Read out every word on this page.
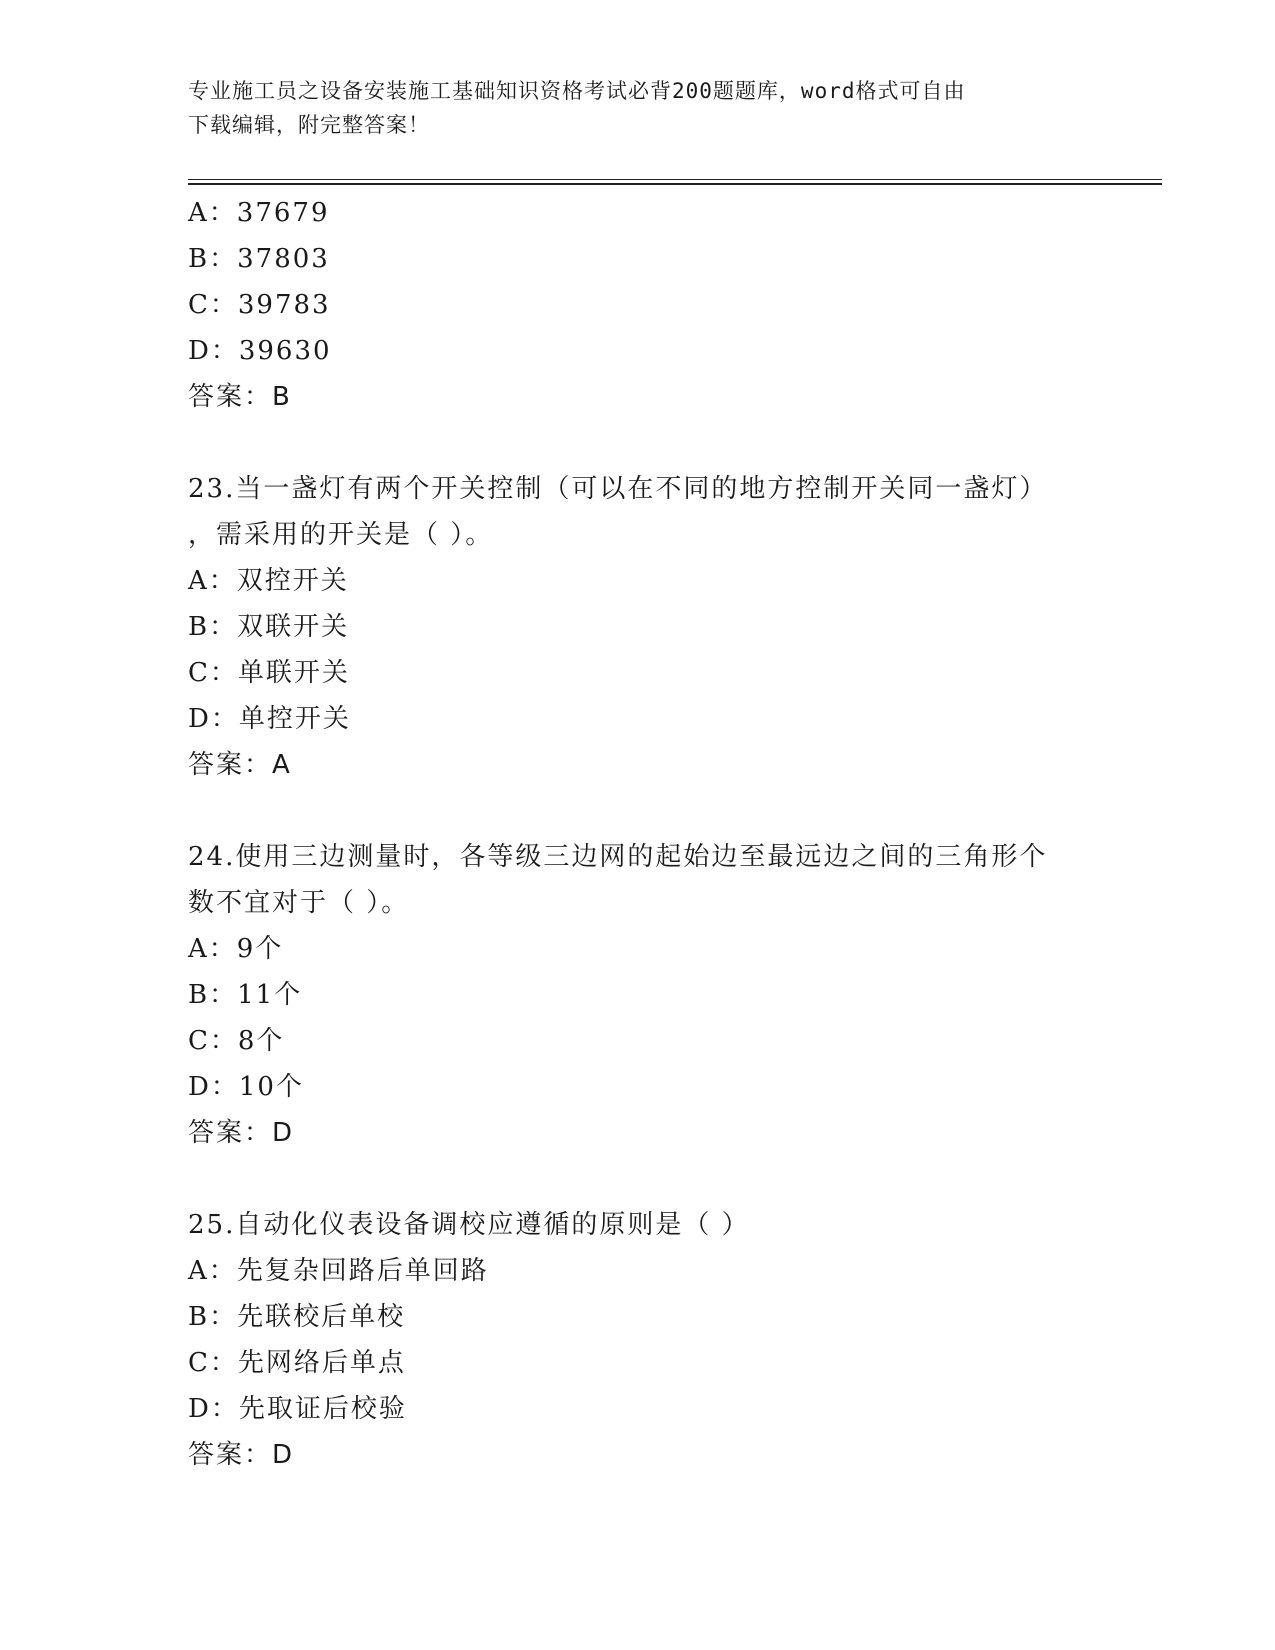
专业施工员之设备安装施工基础知识资格考试必背200题题库，word格式可自由
下载编辑，附完整答案！
A：37679
B：37803
C：39783
D：39630
答案：B
23.当一盏灯有两个开关控制（可以在不同的地方控制开关同一盏灯）
，需采用的开关是（ ）。
A：双控开关
B：双联开关
C：单联开关
D：单控开关
答案：A
24.使用三边测量时，各等级三边网的起始边至最远边之间的三角形个
数不宜对于（ ）。
A：9个
B：11个
C：8个
D：10个
答案：D
25.自动化仪表设备调校应遵循的原则是（ ）
A：先复杂回路后单回路
B：先联校后单校
C：先网络后单点
D：先取证后校验
答案：D
